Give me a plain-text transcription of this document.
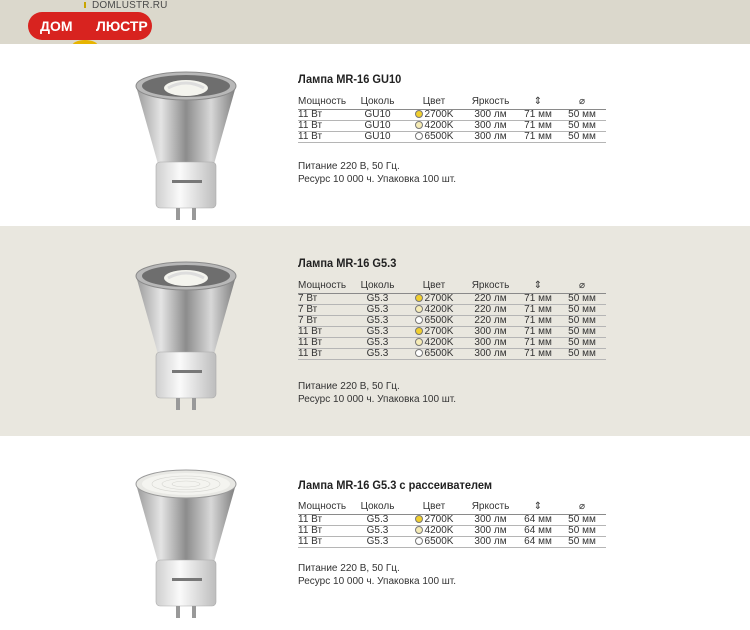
DOMLUSTR.RU
ДОМ ЛЮСТР
Лампа MR-16 GU10
Мощность	Цоколь	Цвет	Яркость	⇕	⌀
11 Вт	GU10	2700K	300 лм	71 мм	50 мм
11 Вт	GU10	4200K	300 лм	71 мм	50 мм
11 Вт	GU10	6500K	300 лм	71 мм	50 мм
Питание 220 В, 50 Гц.
Ресурс 10 000 ч. Упаковка 100 шт.
Лампа MR-16 G5.3
Мощность	Цоколь	Цвет	Яркость	⇕	⌀
7 Вт	G5.3	2700K	220 лм	71 мм	50 мм
7 Вт	G5.3	4200K	220 лм	71 мм	50 мм
7 Вт	G5.3	6500K	220 лм	71 мм	50 мм
11 Вт	G5.3	2700K	300 лм	71 мм	50 мм
11 Вт	G5.3	4200K	300 лм	71 мм	50 мм
11 Вт	G5.3	6500K	300 лм	71 мм	50 мм
Питание 220 В, 50 Гц.
Ресурс 10 000 ч. Упаковка 100 шт.
Лампа MR-16 G5.3 с рассеивателем
Мощность	Цоколь	Цвет	Яркость	⇕	⌀
11 Вт	G5.3	2700K	300 лм	64 мм	50 мм
11 Вт	G5.3	4200K	300 лм	64 мм	50 мм
11 Вт	G5.3	6500K	300 лм	64 мм	50 мм
Питание 220 В, 50 Гц.
Ресурс 10 000 ч. Упаковка 100 шт.
